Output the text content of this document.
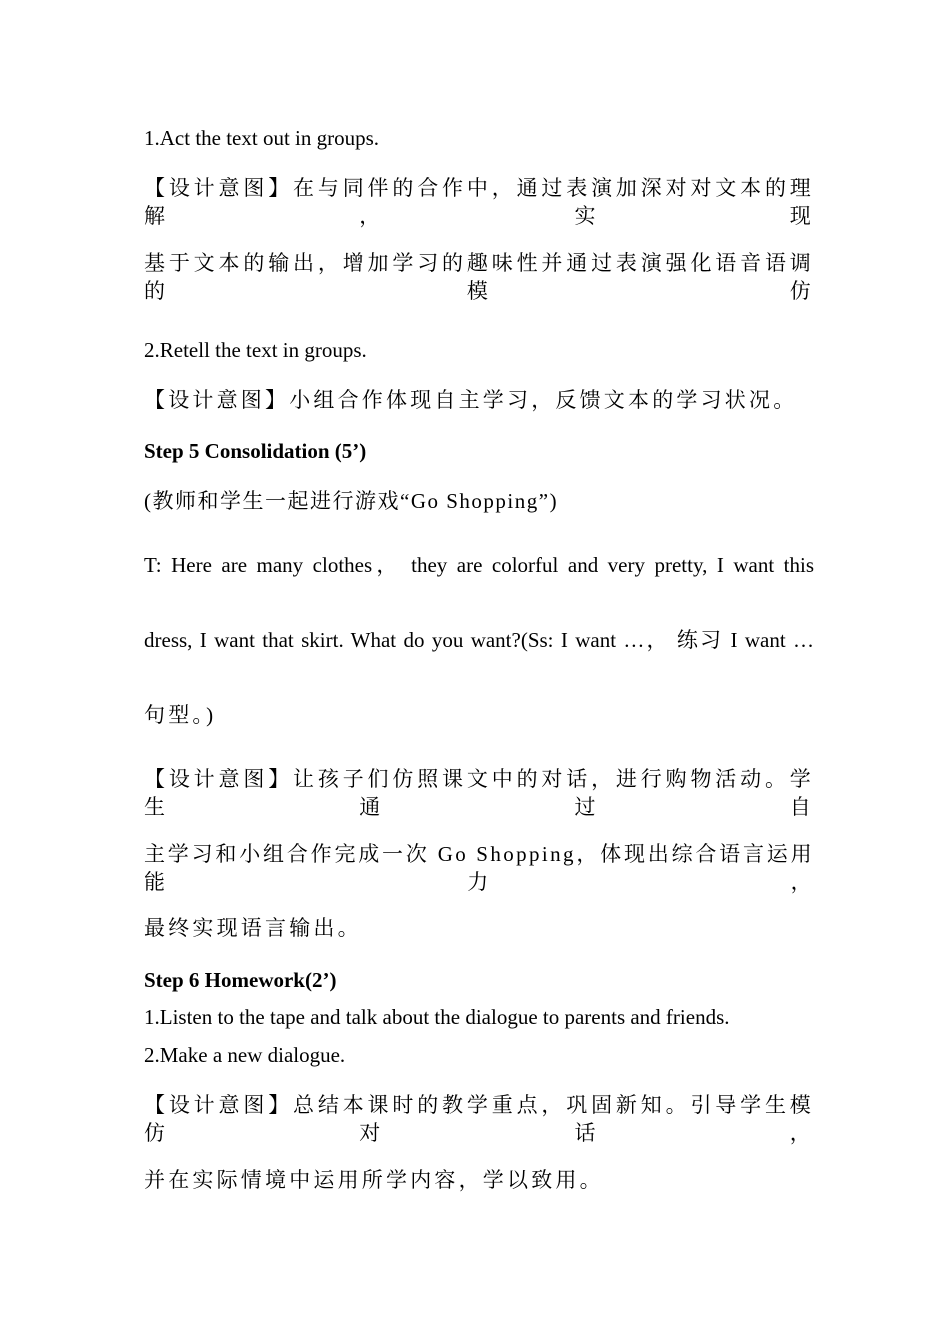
1.Act the text out in groups.

【设计意图】在与同伴的合作中，通过表演加深对对文本的理解，实现

基于文本的输出，增加学习的趣味性并通过表演强化语音语调的模仿

2.Retell the text in groups.

【设计意图】小组合作体现自主学习，反馈文本的学习状况。

Step 5 Consolidation (5’)

(教师和学生一起进行游戏“Go Shopping”)

T: Here are many clothes， they are colorful and very pretty, I want this

dress, I want that skirt. What do you want?(Ss: I want …， 练习 I want …

句型。)

【设计意图】让孩子们仿照课文中的对话，进行购物活动。学生通过自

主学习和小组合作完成一次 Go Shopping，体现出综合语言运用能力，

最终实现语言输出。

Step 6 Homework(2’)

1.Listen to the tape and talk about the dialogue to parents and friends.

2.Make a new dialogue.

【设计意图】总结本课时的教学重点，巩固新知。引导学生模仿对话，

并在实际情境中运用所学内容，学以致用。
